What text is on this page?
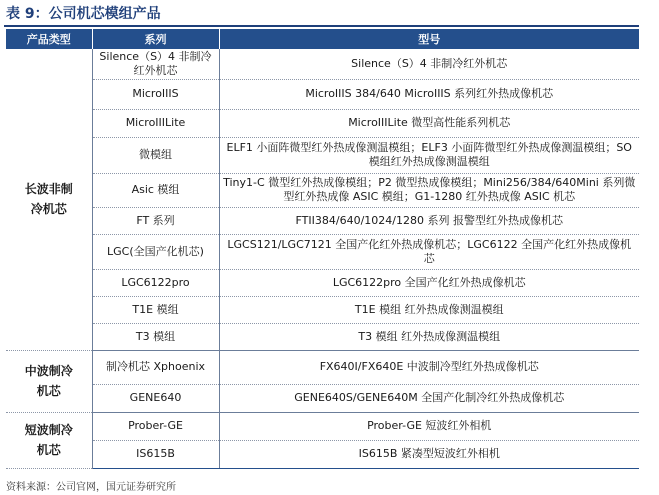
表 9：公司机芯模组产品
产品类型	系列	型号

长波非制冷机芯	Silence（S）4 非制冷红外机芯	Silence（S）4 非制冷红外机芯
	MicroIIIS	MicroIIIS 384/640 MicroIIIS 系列红外热成像机芯
	MicroIIILite	MicroIIILite 微型高性能系列机芯
	微模组	ELF1 小面阵微型红外热成像测温模组；ELF3 小面阵微型红外热成像测温模组；SO 模组红外热成像测温模组
	Asic 模组	Tiny1-C 微型红外热成像模组；P2 微型热成像模组；Mini256/384/640Mini 系列微型红外热成像 ASIC 模组；G1-1280 红外热成像 ASIC 机芯
	FT 系列	FTII384/640/1024/1280 系列 报警型红外热成像机芯
	LGC(全国产化机芯)	LGCS121/LGC7121 全国产化红外热成像机芯；LGC6122 全国产化红外热成像机芯
	LGC6122pro	LGC6122pro 全国产化红外热成像机芯
	T1E 模组	T1E 模组 红外热成像测温模组
	T3 模组	T3 模组 红外热成像测温模组

中波制冷机芯	制冷机芯 Xphoenix	FX640I/FX640E 中波制冷型红外热成像机芯
	GENE640	GENE640S/GENE640M 全国产化制冷红外热成像机芯

短波制冷机芯	Prober-GE	Prober-GE 短波红外相机
	IS615B	IS615B 紧凑型短波红外相机
资料来源：公司官网，国元证券研究所
